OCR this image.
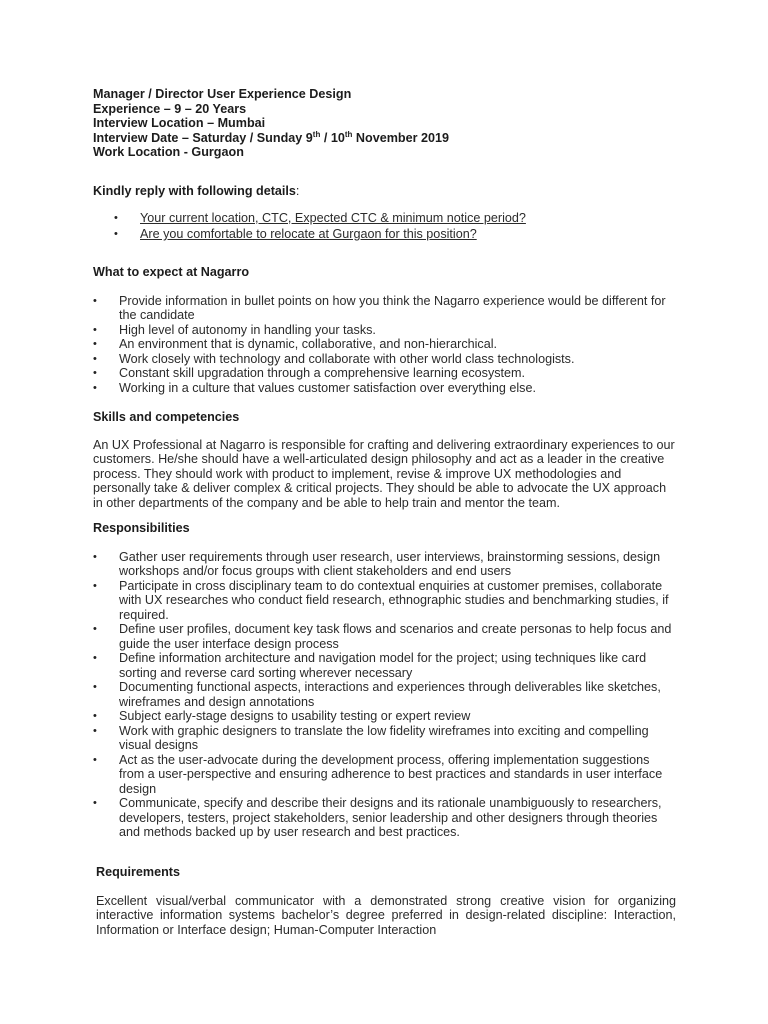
Manager / Director User Experience Design
Experience – 9 – 20 Years
Interview Location – Mumbai
Interview Date – Saturday / Sunday 9th / 10th November 2019
Work Location - Gurgaon
Kindly reply with following details:
• Your current location, CTC, Expected CTC & minimum notice period?
• Are you comfortable to relocate at Gurgaon for this position?
What to expect at Nagarro
• Provide information in bullet points on how you think the Nagarro experience would be different for the candidate
• High level of autonomy in handling your tasks.
• An environment that is dynamic, collaborative, and non-hierarchical.
• Work closely with technology and collaborate with other world class technologists.
• Constant skill upgradation through a comprehensive learning ecosystem.
• Working in a culture that values customer satisfaction over everything else.
Skills and competencies

An UX Professional at Nagarro is responsible for crafting and delivering extraordinary experiences to our customers. He/she should have a well-articulated design philosophy and act as a leader in the creative process. They should work with product to implement, revise & improve UX methodologies and personally take & deliver complex & critical projects. They should be able to advocate the UX approach in other departments of the company and be able to help train and mentor the team.

Responsibilities
• Gather user requirements through user research, user interviews, brainstorming sessions, design workshops and/or focus groups with client stakeholders and end users
• Participate in cross disciplinary team to do contextual enquiries at customer premises, collaborate with UX researches who conduct field research, ethnographic studies and benchmarking studies, if required.
• Define user profiles, document key task flows and scenarios and create personas to help focus and guide the user interface design process
• Define information architecture and navigation model for the project; using techniques like card sorting and reverse card sorting wherever necessary
• Documenting functional aspects, interactions and experiences through deliverables like sketches, wireframes and design annotations
• Subject early-stage designs to usability testing or expert review
• Work with graphic designers to translate the low fidelity wireframes into exciting and compelling visual designs
• Act as the user-advocate during the development process, offering implementation suggestions from a user-perspective and ensuring adherence to best practices and standards in user interface design
• Communicate, specify and describe their designs and its rationale unambiguously to researchers, developers, testers, project stakeholders, senior leadership and other designers through theories and methods backed up by user research and best practices.
Requirements

Excellent visual/verbal communicator with a demonstrated strong creative vision for organizing interactive information systems bachelor’s degree preferred in design-related discipline: Interaction, Information or Interface design; Human-Computer Interaction
